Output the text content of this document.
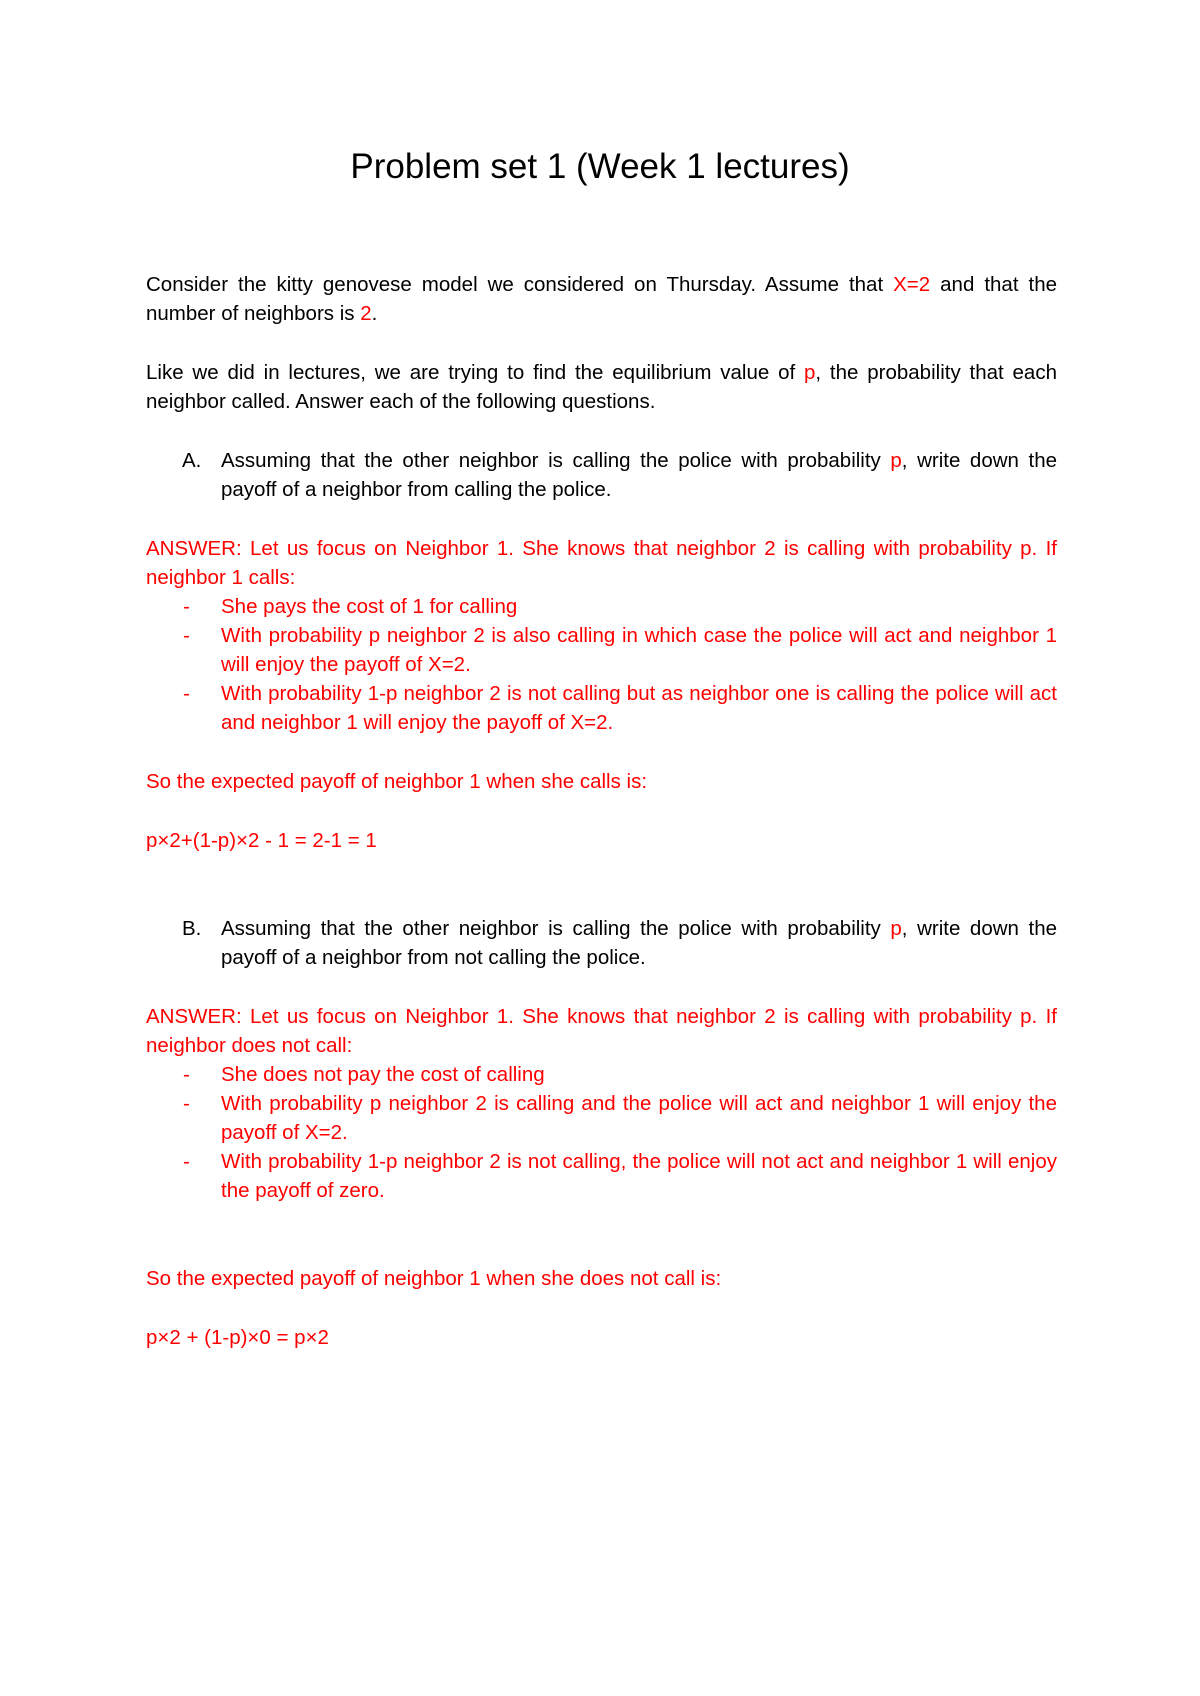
Problem set 1 (Week 1 lectures)

Consider the kitty genovese model we considered on Thursday. Assume that X=2 and that the number of neighbors is 2.

Like we did in lectures, we are trying to find the equilibrium value of p, the probability that each neighbor called. Answer each of the following questions.

A. Assuming that the other neighbor is calling the police with probability p, write down the payoff of a neighbor from calling the police.

ANSWER: Let us focus on Neighbor 1. She knows that neighbor 2 is calling with probability p. If neighbor 1 calls:

-	She pays the cost of 1 for calling
-	With probability p neighbor 2 is also calling in which case the police will act and neighbor 1 will enjoy the payoff of X=2.
-	With probability 1-p neighbor 2 is not calling but as neighbor one is calling the police will act and neighbor 1 will enjoy the payoff of X=2.

So the expected payoff of neighbor 1 when she calls is:

p×2+(1-p)×2 - 1 = 2-1 = 1

B. Assuming that the other neighbor is calling the police with probability p, write down the payoff of a neighbor from not calling the police.

ANSWER: Let us focus on Neighbor 1. She knows that neighbor 2 is calling with probability p. If neighbor does not call:

-	She does not pay the cost of calling
-	With probability p neighbor 2 is calling and the police will act and neighbor 1 will enjoy the payoff of X=2.
-	With probability 1-p neighbor 2 is not calling, the police will not act and neighbor 1 will enjoy the payoff of zero.

So the expected payoff of neighbor 1 when she does not call is:

p×2 + (1-p)×0 = p×2
